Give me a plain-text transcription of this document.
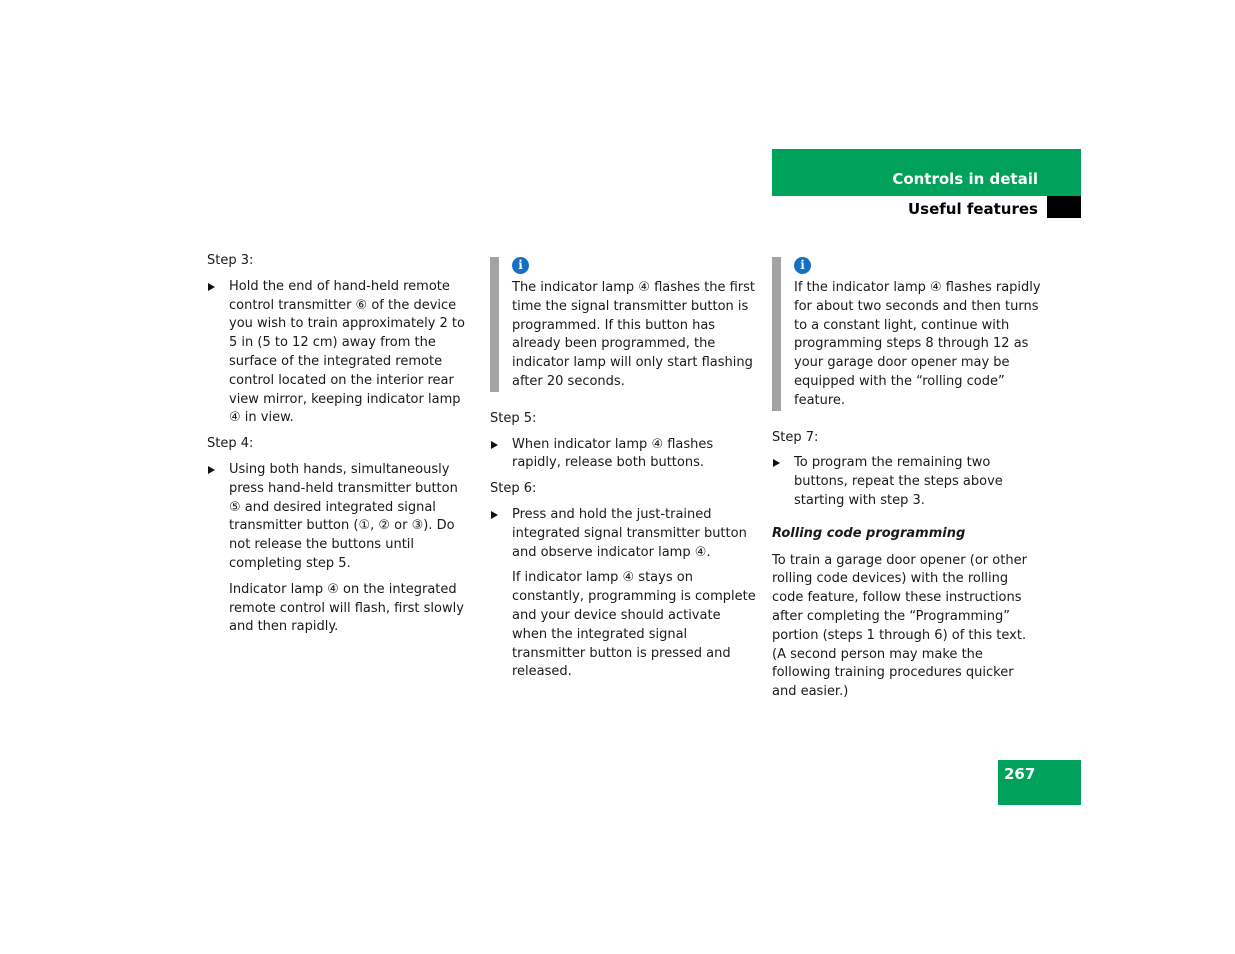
Controls in detail
Useful features

Step 3:

Hold the end of hand-held remote control transmitter ⑥ of the device you wish to train approximately 2 to 5 in (5 to 12 cm) away from the surface of the integrated remote control located on the interior rear view mirror, keeping indicator lamp ④ in view.

Step 4:

Using both hands, simultaneously press hand-held transmitter button ⑤ and desired integrated signal transmitter button (①, ② or ③). Do not release the buttons until completing step 5.

Indicator lamp ④ on the integrated remote control will flash, first slowly and then rapidly.

i

The indicator lamp ④ flashes the first time the signal transmitter button is programmed. If this button has already been programmed, the indicator lamp will only start flashing after 20 seconds.

Step 5:

When indicator lamp ④ flashes rapidly, release both buttons.

Step 6:

Press and hold the just-trained integrated signal transmitter button and observe indicator lamp ④.

If indicator lamp ④ stays on constantly, programming is complete and your device should activate when the integrated signal transmitter button is pressed and released.

i

If the indicator lamp ④ flashes rapidly for about two seconds and then turns to a constant light, continue with programming steps 8 through 12 as your garage door opener may be equipped with the “rolling code” feature.

Step 7:

To program the remaining two buttons, repeat the steps above starting with step 3.

Rolling code programming

To train a garage door opener (or other rolling code devices) with the rolling code feature, follow these instructions after completing the “Programming” portion (steps 1 through 6) of this text. (A second person may make the following training procedures quicker and easier.)

267
